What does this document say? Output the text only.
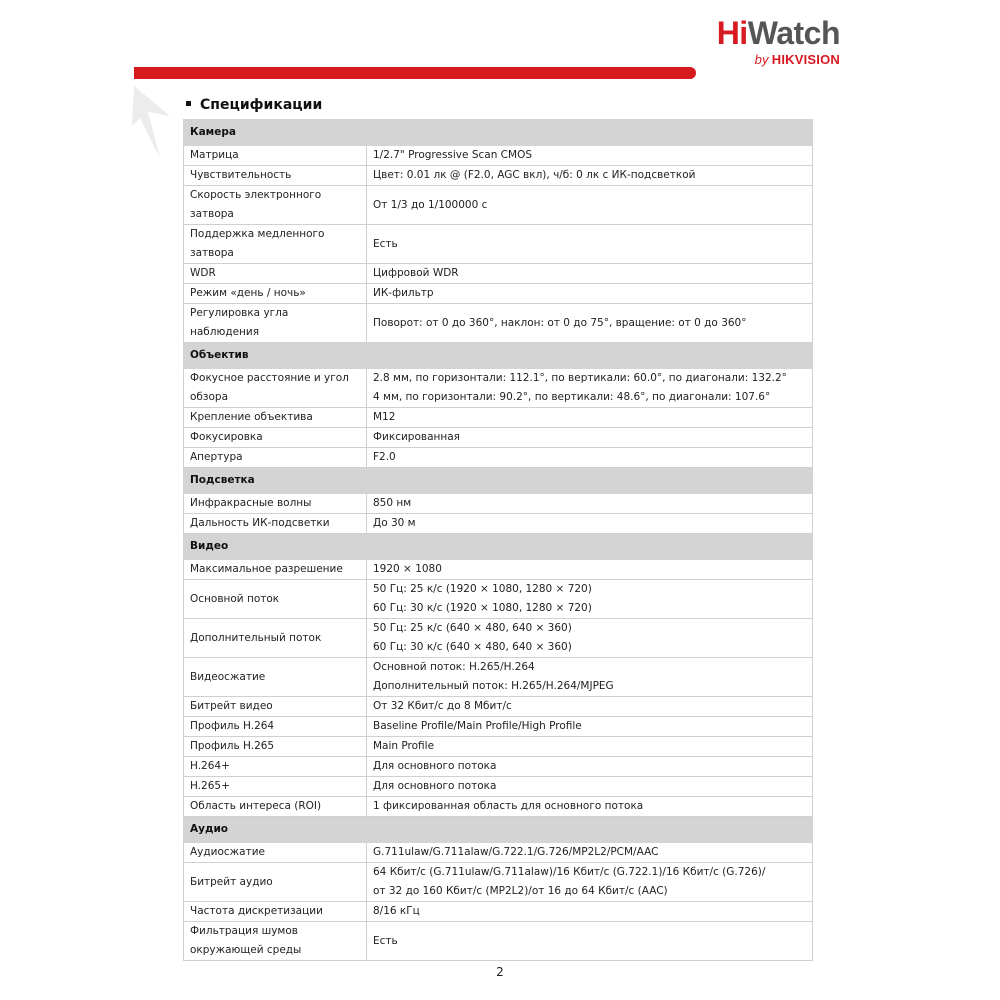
HiWatch
by HIKVISION
Спецификации
Камера	
Матрица	1/2.7" Progressive Scan CMOS
Чувствительность	Цвет: 0.01 лк @ (F2.0, AGC вкл), ч/б: 0 лк с ИК-подсветкой
Скорость электронного затвора	От 1/3 до 1/100000 с
Поддержка медленного
затвора	Есть
WDR	Цифровой WDR
Режим «день / ночь»	ИК-фильтр
Регулировка угла наблюдения	Поворот: от 0 до 360°, наклон: от 0 до 75°, вращение: от 0 до 360°
Объектив	
Фокусное расстояние и угол
обзора	2.8 мм, по горизонтали: 112.1°, по вертикали: 60.0°, по диагонали: 132.2°
4 мм, по горизонтали: 90.2°, по вертикали: 48.6°, по диагонали: 107.6°
Крепление объектива	M12
Фокусировка	Фиксированная
Апертура	F2.0
Подсветка	
Инфракрасные волны	850 нм
Дальность ИК-подсветки	До 30 м
Видео	
Максимальное разрешение	1920 × 1080
Основной поток	50 Гц: 25 к/с (1920 × 1080, 1280 × 720)
60 Гц: 30 к/с (1920 × 1080, 1280 × 720)
Дополнительный поток	50 Гц: 25 к/с (640 × 480, 640 × 360)
60 Гц: 30 к/с (640 × 480, 640 × 360)
Видеосжатие	Основной поток: H.265/H.264
Дополнительный поток: H.265/H.264/MJPEG
Битрейт видео	От 32 Кбит/с до 8 Мбит/с
Профиль H.264	Baseline Profile/Main Profile/High Profile
Профиль H.265	Main Profile
H.264+	Для основного потока
H.265+	Для основного потока
Область интереса (ROI)	1 фиксированная область для основного потока
Аудио	
Аудиосжатие	G.711ulaw/G.711alaw/G.722.1/G.726/MP2L2/PCM/AAC
Битрейт аудио	64 Кбит/с (G.711ulaw/G.711alaw)/16 Кбит/с (G.722.1)/16 Кбит/с (G.726)/
от 32 до 160 Кбит/с (MP2L2)/от 16 до 64 Кбит/с (AAC)
Частота дискретизации	8/16 кГц
Фильтрация шумов
окружающей среды	Есть
2
